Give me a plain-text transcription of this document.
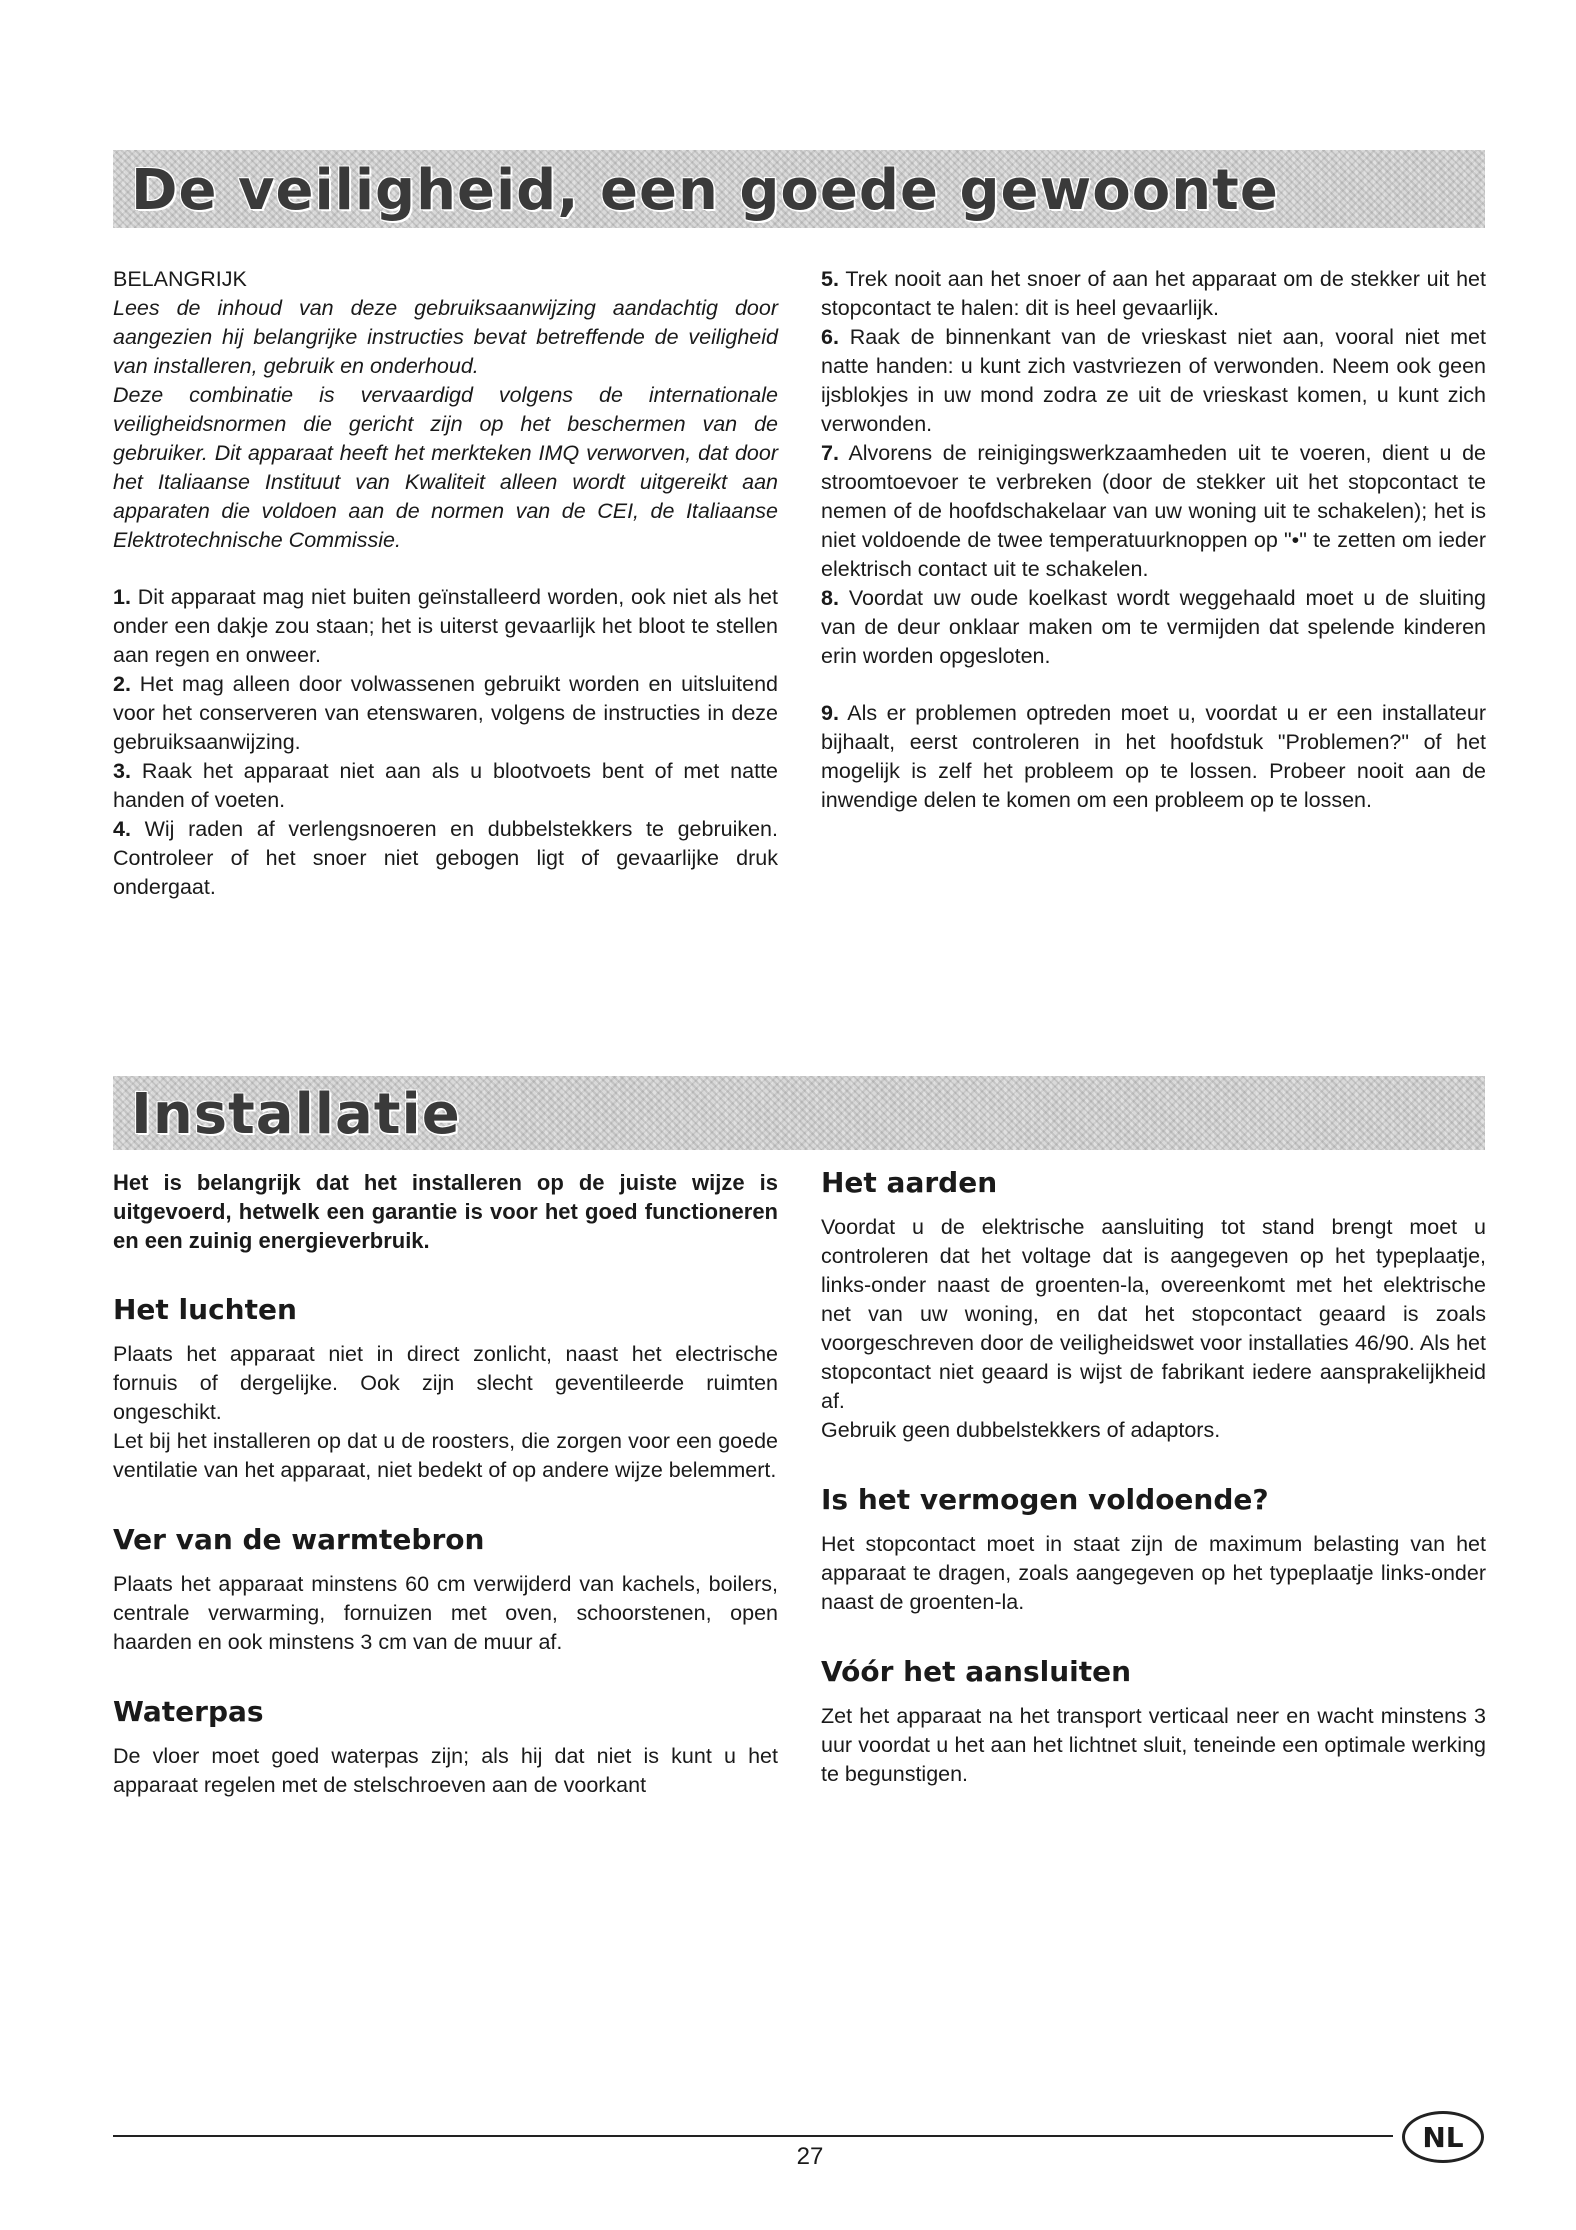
De veiligheid, een goede gewoonte

BELANGRIJK

Lees de inhoud van deze gebruiksaanwijzing aandachtig door aangezien hij belangrijke instructies bevat betreffende de veiligheid van installeren, gebruik en onderhoud.

Deze combinatie is vervaardigd volgens de internationale veiligheidsnormen die gericht zijn op het beschermen van de gebruiker. Dit apparaat heeft het merkteken IMQ verworven, dat door het Italiaanse Instituut van Kwaliteit alleen wordt uitgereikt aan apparaten die voldoen aan de normen van de CEI, de Italiaanse Elektrotechnische Commissie.

1. Dit apparaat mag niet buiten geïnstalleerd worden, ook niet als het onder een dakje zou staan; het is uiterst gevaarlijk het bloot te stellen aan regen en onweer.

2. Het mag alleen door volwassenen gebruikt worden en uitsluitend voor het conserveren van etenswaren, volgens de instructies in deze gebruiksaanwijzing.

3. Raak het apparaat niet aan als u blootvoets bent of met natte handen of voeten.

4. Wij raden af verlengsnoeren en dubbelstekkers te gebruiken. Controleer of het snoer niet gebogen ligt of gevaarlijke druk ondergaat.

5. Trek nooit aan het snoer of aan het apparaat om de stekker uit het stopcontact te halen: dit is heel gevaarlijk.

6. Raak de binnenkant van de vrieskast niet aan, vooral niet met natte handen: u kunt zich vastvriezen of verwonden. Neem ook geen ijsblokjes in uw mond zodra ze uit de vrieskast komen, u kunt zich verwonden.

7. Alvorens de reinigingswerkzaamheden uit te voeren, dient u de stroomtoevoer te verbreken (door de stekker uit het stopcontact te nemen of de hoofdschakelaar van uw woning uit te schakelen); het is niet voldoende de twee temperatuurknoppen op "•" te zetten om ieder elektrisch contact uit te schakelen.

8. Voordat uw oude koelkast wordt weggehaald moet u de sluiting van de deur onklaar maken om te vermijden dat spelende kinderen erin worden opgesloten.

9. Als er problemen optreden moet u, voordat u er een installateur bijhaalt, eerst controleren in het hoofdstuk "Problemen?" of het mogelijk is zelf het probleem op te lossen. Probeer nooit aan de inwendige delen te komen om een probleem op te lossen.

Installatie

Het is belangrijk dat het installeren op de juiste wijze is uitgevoerd, hetwelk een garantie is voor het goed functioneren en een zuinig energieverbruik.

Het luchten

Plaats het apparaat niet in direct zonlicht, naast het electrische fornuis of dergelijke. Ook zijn slecht geventileerde ruimten ongeschikt.

Let bij het installeren op dat u de roosters, die zorgen voor een goede ventilatie van het apparaat, niet bedekt of op andere wijze belemmert.

Ver van de warmtebron

Plaats het apparaat minstens 60 cm verwijderd van kachels, boilers, centrale verwarming, fornuizen met oven, schoorstenen, open haarden en ook minstens 3 cm van de muur af.

Waterpas

De vloer moet goed waterpas zijn; als hij dat niet is kunt u het apparaat regelen met de stelschroeven aan de voorkant

Het aarden

Voordat u de elektrische aansluiting tot stand brengt moet u controleren dat het voltage dat is aangegeven op het typeplaatje, links-onder naast de groenten-la, overeenkomt met het elektrische net van uw woning, en dat het stopcontact geaard is zoals voorgeschreven door de veiligheidswet voor installaties 46/90. Als het stopcontact niet geaard is wijst de fabrikant iedere aansprakelijkheid af.

Gebruik geen dubbelstekkers of adaptors.

Is het vermogen voldoende?

Het stopcontact moet in staat zijn de maximum belasting van het apparaat te dragen, zoals aangegeven op het typeplaatje links-onder naast de groenten-la.

Vóór het aansluiten

Zet het apparaat na het transport verticaal neer en wacht minstens 3 uur voordat u het aan het lichtnet sluit, teneinde een optimale werking te begunstigen.

27
NL
